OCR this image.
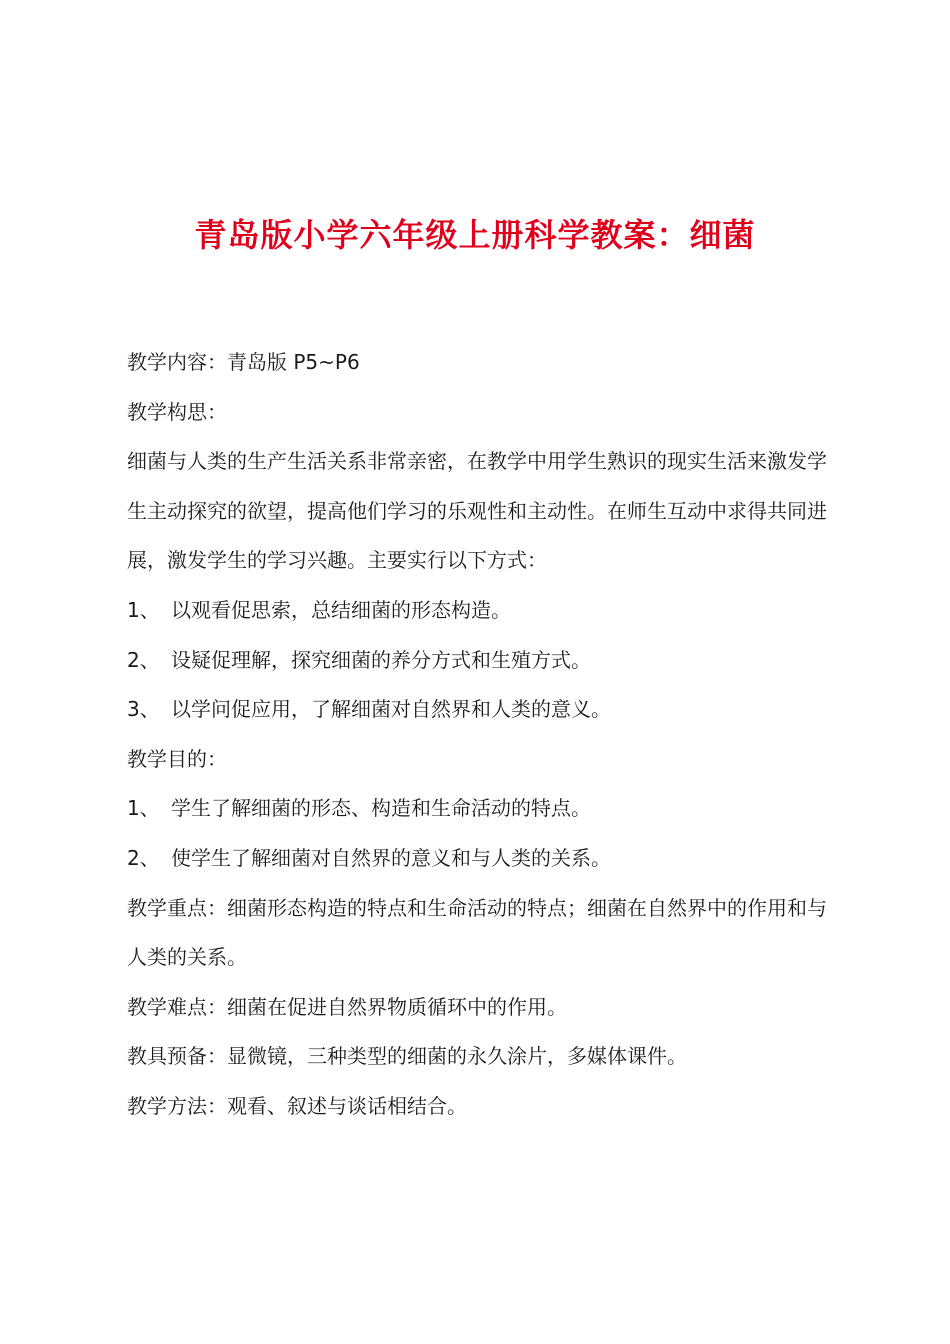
青岛版小学六年级上册科学教案：细菌

教学内容：青岛版 P5~P6

教学构思：

细菌与人类的生产生活关系非常亲密，在教学中用学生熟识的现实生活来激发学生主动探究的欲望，提高他们学习的乐观性和主动性。在师生互动中求得共同进展，激发学生的学习兴趣。主要实行以下方式：

1、 以观看促思索，总结细菌的形态构造。

2、 设疑促理解，探究细菌的养分方式和生殖方式。

3、 以学问促应用，了解细菌对自然界和人类的意义。

教学目的：

1、 学生了解细菌的形态、构造和生命活动的特点。

2、 使学生了解细菌对自然界的意义和与人类的关系。

教学重点：细菌形态构造的特点和生命活动的特点；细菌在自然界中的作用和与人类的关系。

教学难点：细菌在促进自然界物质循环中的作用。

教具预备：显微镜，三种类型的细菌的永久涂片，多媒体课件。

教学方法：观看、叙述与谈话相结合。
